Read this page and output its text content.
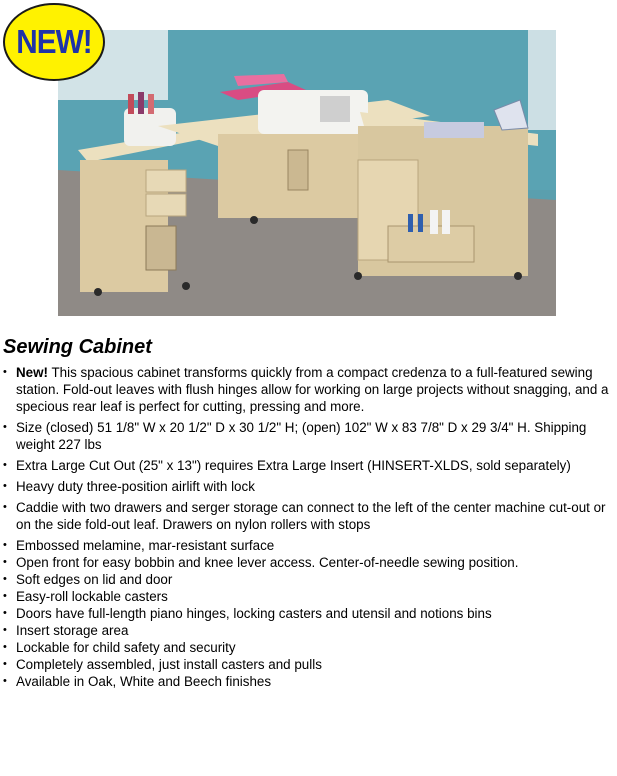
NEW!
Sewing Cabinet
• New! This spacious cabinet transforms quickly from a compact credenza to a full-featured sewing station. Fold-out leaves with flush hinges allow for working on large projects without snagging, and a specious rear leaf is perfect for cutting, pressing and more.
• Size (closed) 51 1/8" W x 20 1/2" D x 30 1/2" H; (open) 102" W x 83 7/8" D x 29 3/4" H. Shipping weight 227 lbs
• Extra Large Cut Out (25" x 13") requires Extra Large Insert (HINSERT-XLDS, sold separately)
• Heavy duty three-position airlift with lock
• Caddie with two drawers and serger storage can connect to the left of the center machine cut-out or on the side fold-out leaf. Drawers on nylon rollers with stops
• Embossed melamine, mar-resistant surface
• Open front for easy bobbin and knee lever access. Center-of-needle sewing position.
• Soft edges on lid and door
• Easy-roll lockable casters
• Doors have full-length piano hinges, locking casters and utensil and notions bins
• Insert storage area
• Lockable for child safety and security
• Completely assembled, just install casters and pulls
• Available in Oak, White and Beech finishes
